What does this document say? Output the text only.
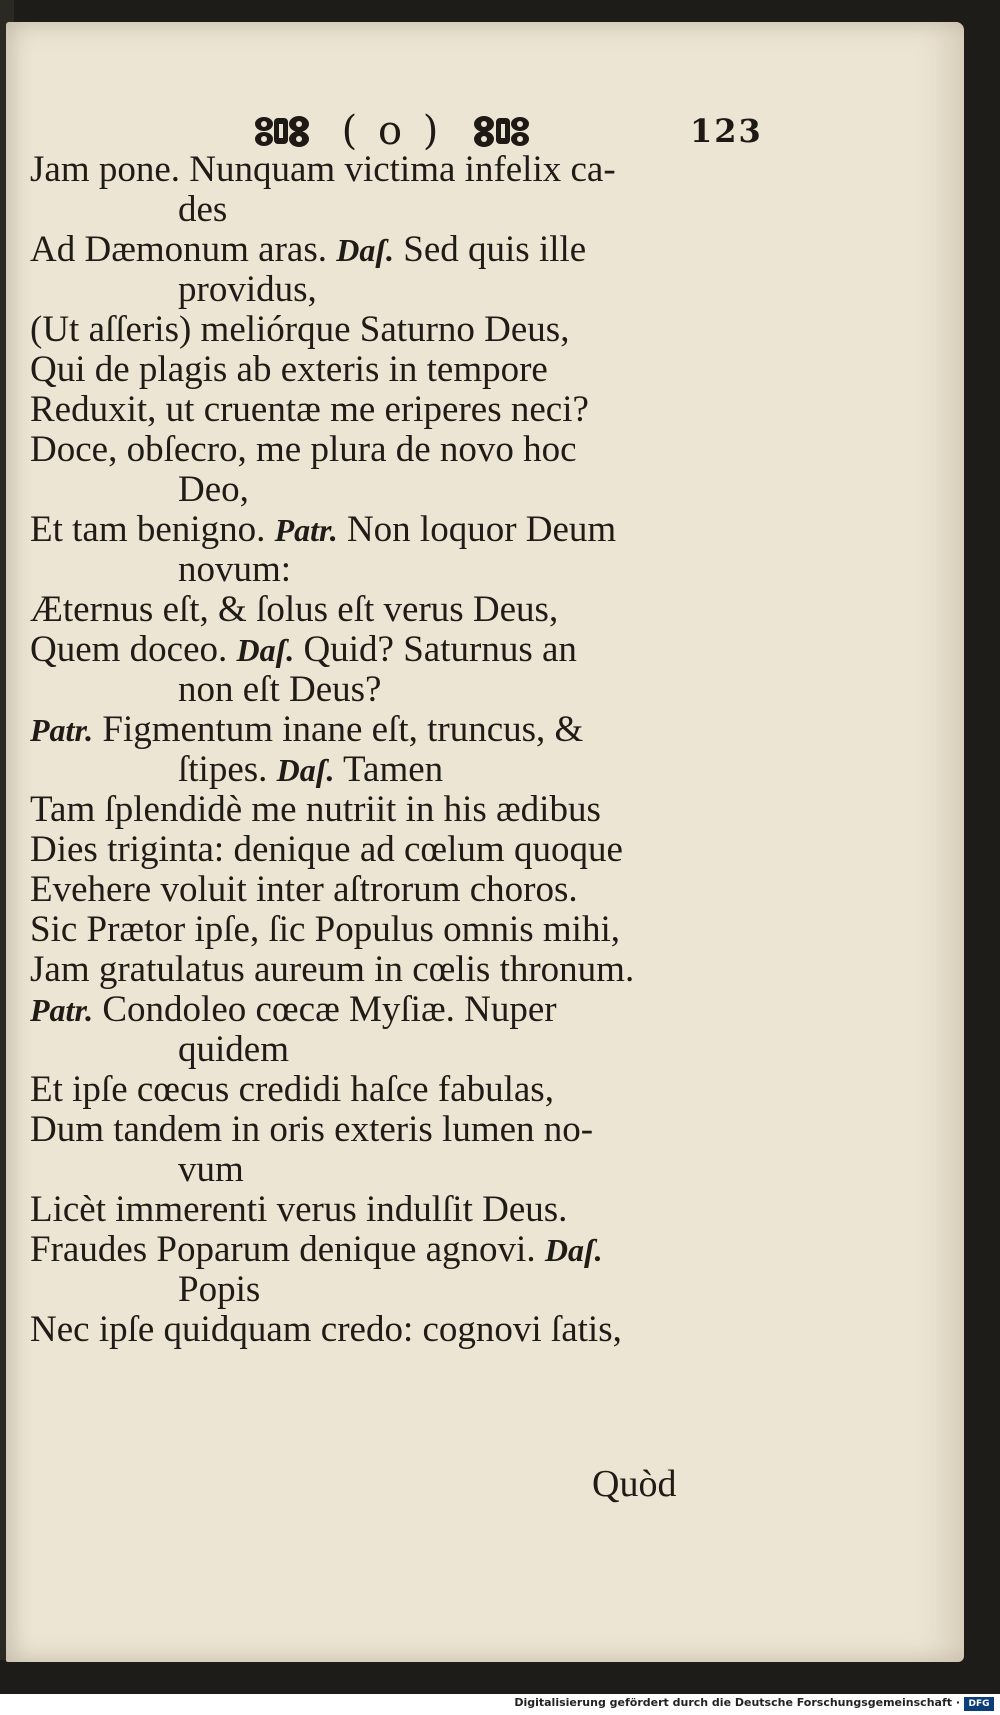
( o )	123
Jam pone. Nunquam victima infelix ca-
des
Ad Dæmonum aras. Daſ. Sed quis ille
providus,
(Ut aſſeris) meliórque Saturno Deus,
Qui de plagis ab exteris in tempore
Reduxit, ut cruentæ me eriperes neci?
Doce, obſecro, me plura de novo hoc
Deo,
Et tam benigno. Patr. Non loquor Deum
novum:
Æternus eſt, & ſolus eſt verus Deus,
Quem doceo. Daſ. Quid? Saturnus an
non eſt Deus?
Patr. Figmentum inane eſt, truncus, &
ſtipes. Daſ. Tamen
Tam ſplendidè me nutriit in his ædibus
Dies triginta: denique ad cœlum quoque
Evehere voluit inter aſtrorum choros.
Sic Prætor ipſe, ſic Populus omnis mihi,
Jam gratulatus aureum in cœlis thronum.
Patr. Condoleo cœcæ Myſiæ. Nuper
quidem
Et ipſe cœcus credidi haſce fabulas,
Dum tandem in oris exteris lumen no-
vum
Licèt immerenti verus indulſit Deus.
Fraudes Poparum denique agnovi. Daſ.
Popis
Nec ipſe quidquam credo: cognovi ſatis,
Quòd
Digitalisierung gefördert durch die Deutsche Forschungsgemeinschaft · DFG
